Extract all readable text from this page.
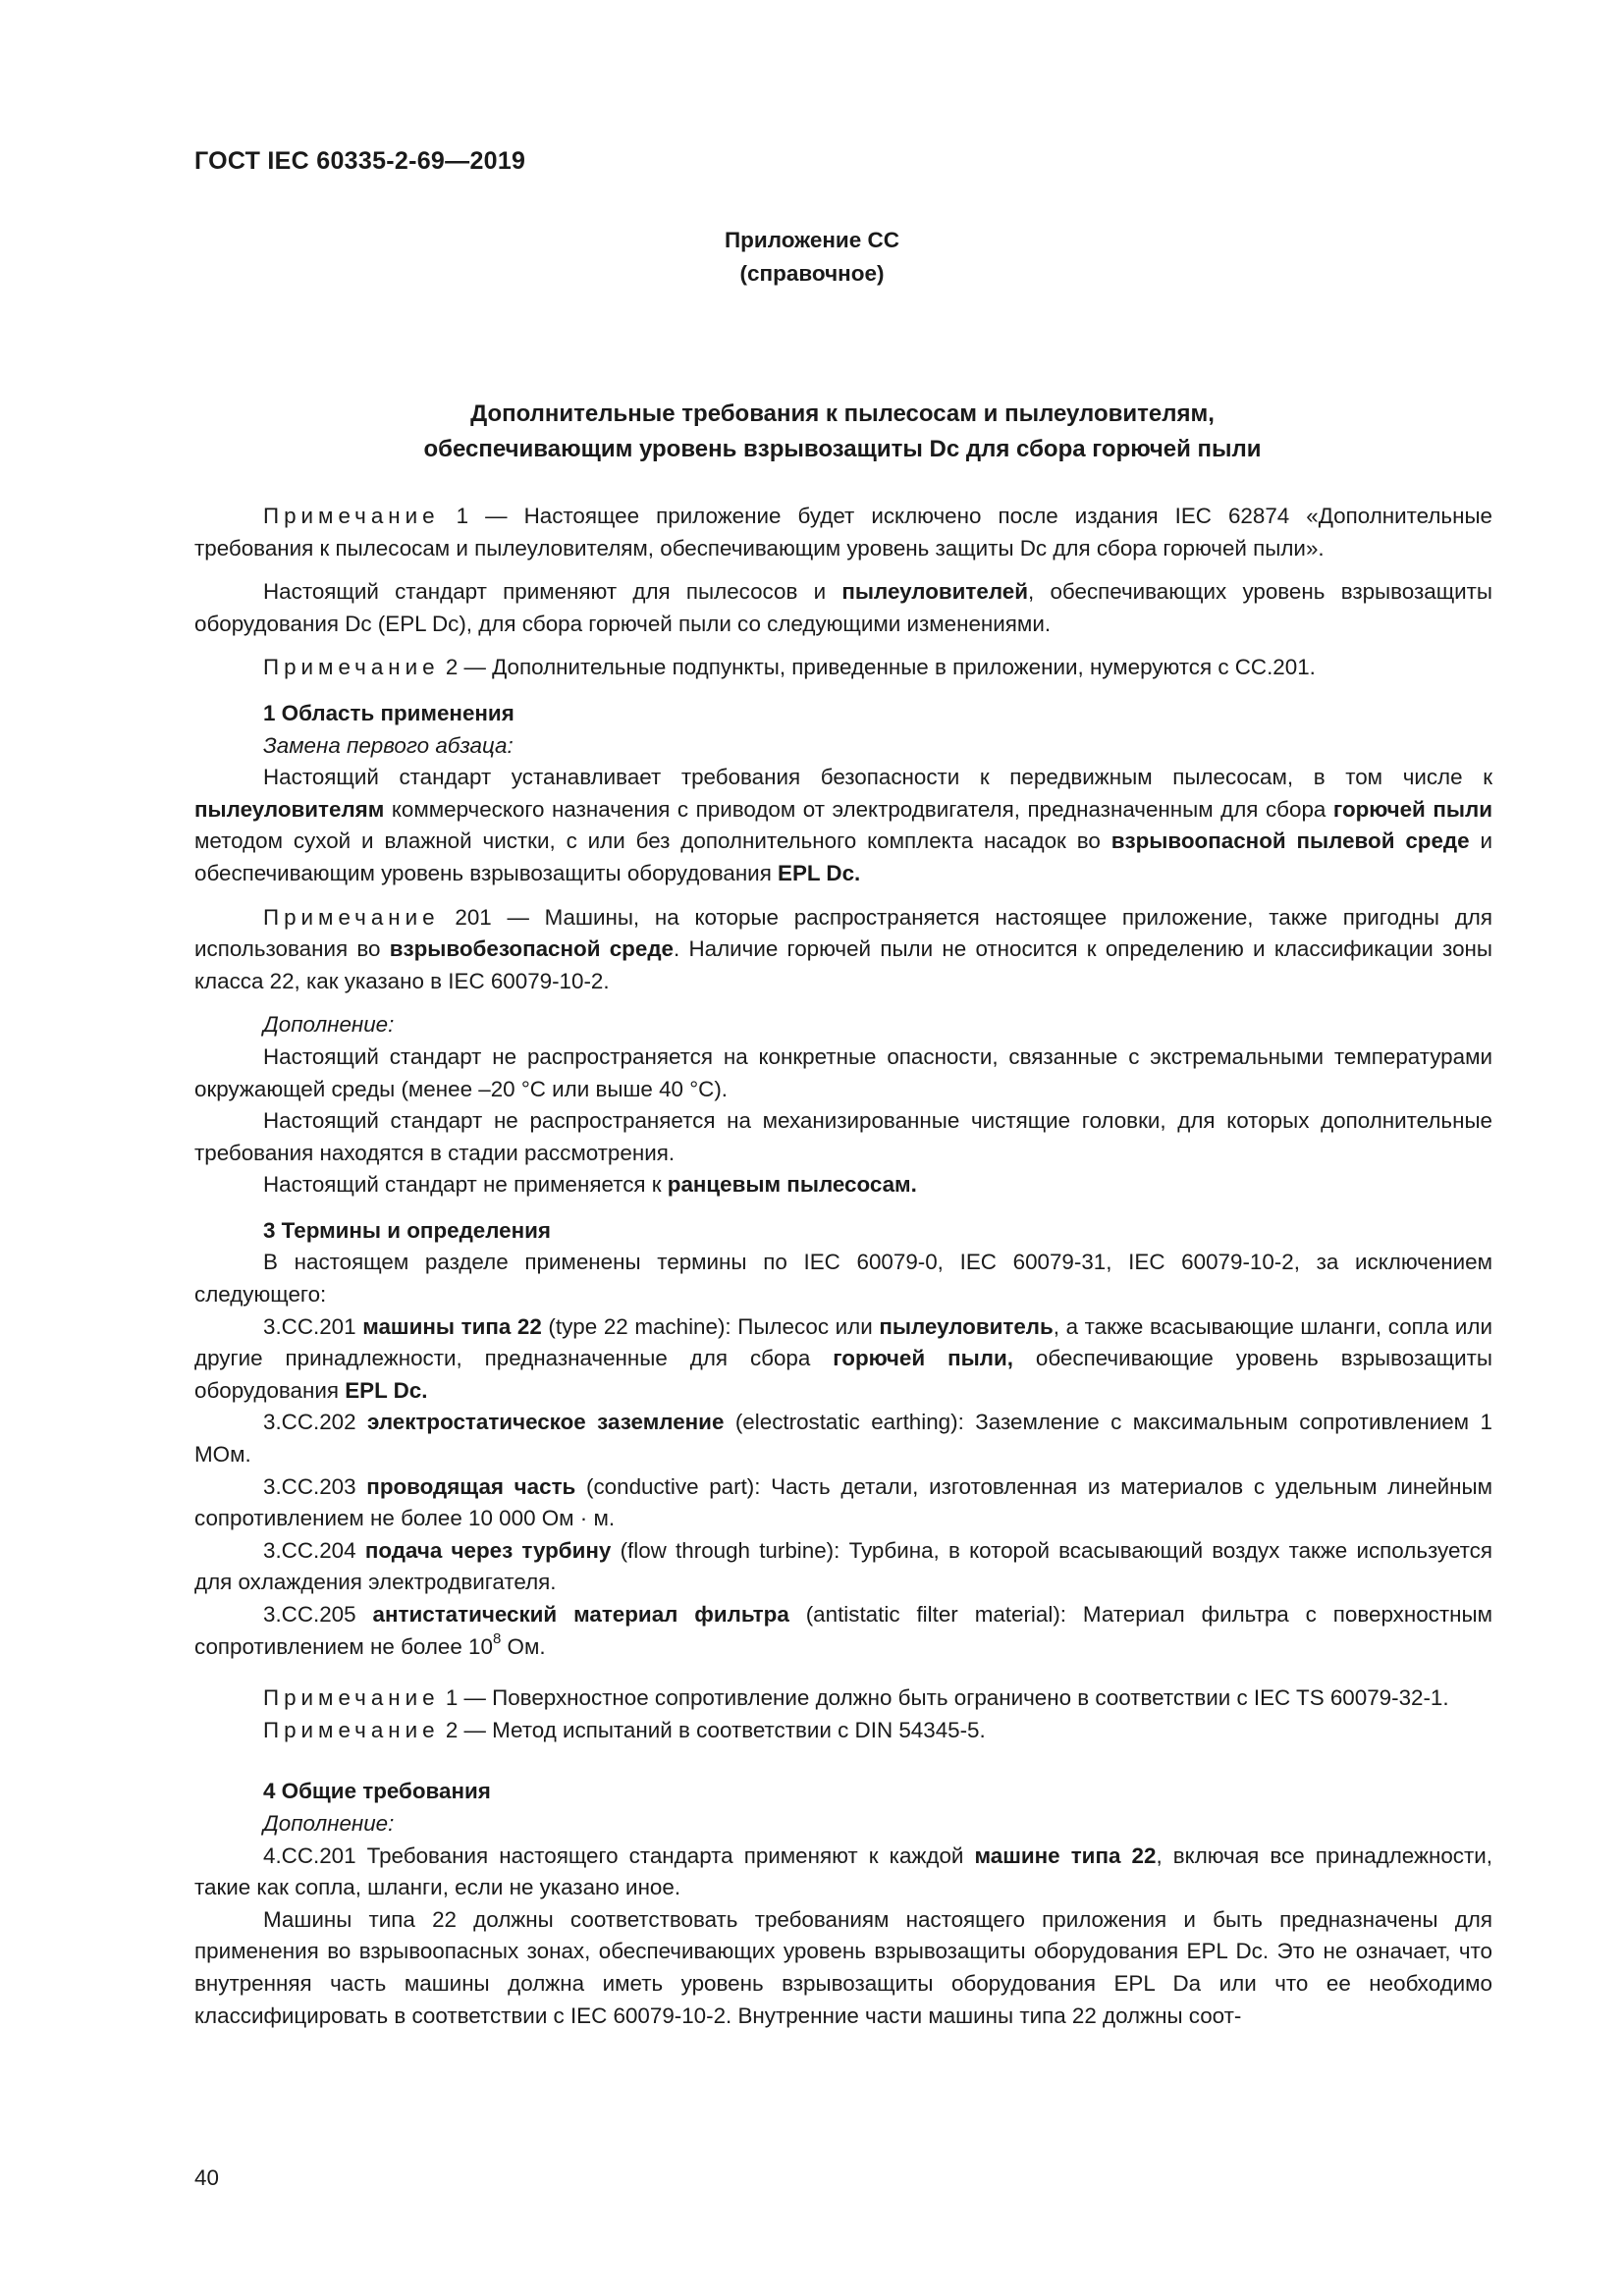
ГОСТ IEC 60335-2-69—2019
Приложение СС
(справочное)
Дополнительные требования к пылесосам и пылеуловителям,
обеспечивающим уровень взрывозащиты Dc для сбора горючей пыли

Примечание 1 — Настоящее приложение будет исключено после издания IEC 62874 «Дополнительные требования к пылесосам и пылеуловителям, обеспечивающим уровень защиты Dc для сбора горючей пыли».

Настоящий стандарт применяют для пылесосов и пылеуловителей, обеспечивающих уровень взрывозащиты оборудования Dc (EPL Dc), для сбора горючей пыли со следующими изменениями.

Примечание 2 — Дополнительные подпункты, приведенные в приложении, нумеруются с СС.201.

1 Область применения

Замена первого абзаца:

Настоящий стандарт устанавливает требования безопасности к передвижным пылесосам, в том числе к пылеуловителям коммерческого назначения с приводом от электродвигателя, предназначенным для сбора горючей пыли методом сухой и влажной чистки, с или без дополнительного комплекта насадок во взрывоопасной пылевой среде и обеспечивающим уровень взрывозащиты оборудования EPL Dc.

Примечание 201 — Машины, на которые распространяется настоящее приложение, также пригодны для использования во взрывобезопасной среде. Наличие горючей пыли не относится к определению и классификации зоны класса 22, как указано в IEC 60079-10-2.

Дополнение:

Настоящий стандарт не распространяется на конкретные опасности, связанные с экстремальными температурами окружающей среды (менее –20 °С или выше 40 °С).

Настоящий стандарт не распространяется на механизированные чистящие головки, для которых дополнительные требования находятся в стадии рассмотрения.

Настоящий стандарт не применяется к ранцевым пылесосам.

3 Термины и определения

В настоящем разделе применены термины по IEC 60079-0, IEC 60079-31, IEC 60079-10-2, за исключением следующего:

3.СС.201 машины типа 22 (type 22 machine): Пылесос или пылеуловитель, а также всасывающие шланги, сопла или другие принадлежности, предназначенные для сбора горючей пыли, обеспечивающие уровень взрывозащиты оборудования EPL Dc.

3.СС.202 электростатическое заземление (electrostatic earthing): Заземление с максимальным сопротивлением 1 МОм.

3.СС.203 проводящая часть (conductive part): Часть детали, изготовленная из материалов с удельным линейным сопротивлением не более 10 000 Ом · м.

3.СС.204 подача через турбину (flow through turbine): Турбина, в которой всасывающий воздух также используется для охлаждения электродвигателя.

3.СС.205 антистатический материал фильтра (antistatic filter material): Материал фильтра с поверхностным сопротивлением не более $10^8$ Ом.

Примечание 1 — Поверхностное сопротивление должно быть ограничено в соответствии с IEC TS 60079-32-1.

Примечание 2 — Метод испытаний в соответствии с DIN 54345-5.

4 Общие требования

Дополнение:

4.СС.201 Требования настоящего стандарта применяют к каждой машине типа 22, включая все принадлежности, такие как сопла, шланги, если не указано иное.

Машины типа 22 должны соответствовать требованиям настоящего приложения и быть предназначены для применения во взрывоопасных зонах, обеспечивающих уровень взрывозащиты оборудования EPL Dc. Это не означает, что внутренняя часть машины должна иметь уровень взрывозащиты оборудования EPL Da или что ее необходимо классифицировать в соответствии с IEC 60079-10-2. Внутренние части машины типа 22 должны соот-

40
